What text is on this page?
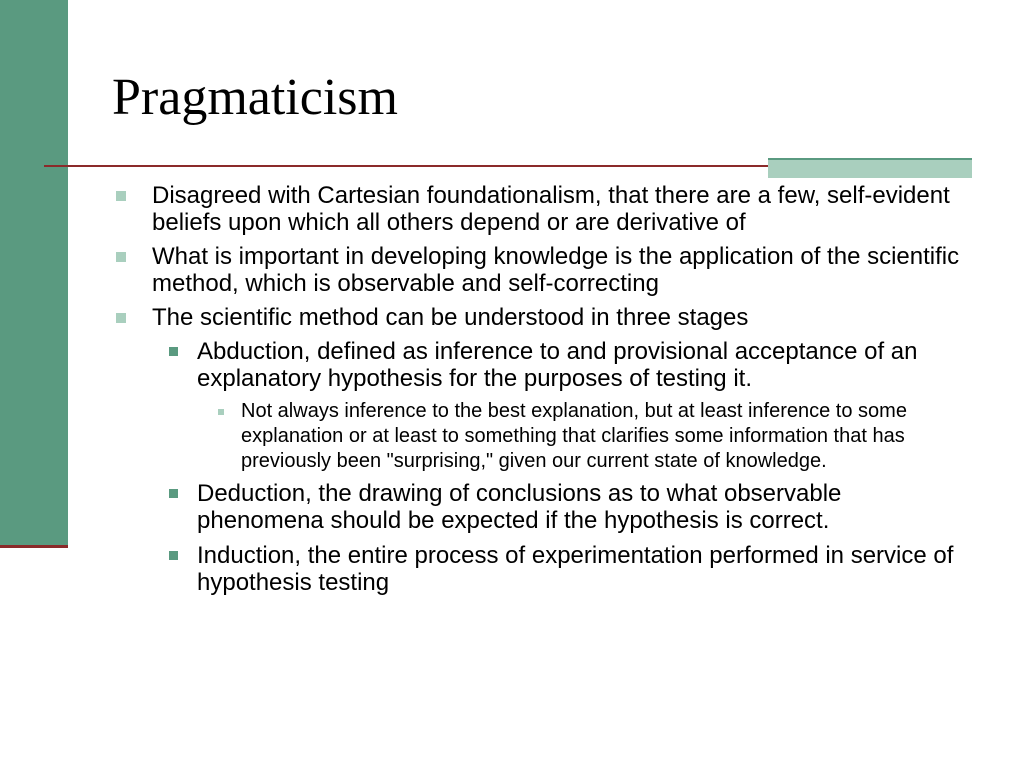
Pragmaticism
Disagreed with Cartesian foundationalism, that there are a few, self-evident beliefs upon which all others depend or are derivative of
What is important in developing knowledge is the application of the scientific method, which is observable and self-correcting
The scientific method can be understood in three stages
Abduction, defined as inference to and provisional acceptance of an explanatory hypothesis for the purposes of testing it.
Not always inference to the best explanation, but at least inference to some explanation or at least to something that clarifies some information that has previously been "surprising," given our current state of knowledge.
Deduction, the drawing of conclusions as to what observable phenomena should be expected if the hypothesis is correct.
Induction, the entire process of experimentation performed in service of hypothesis testing
